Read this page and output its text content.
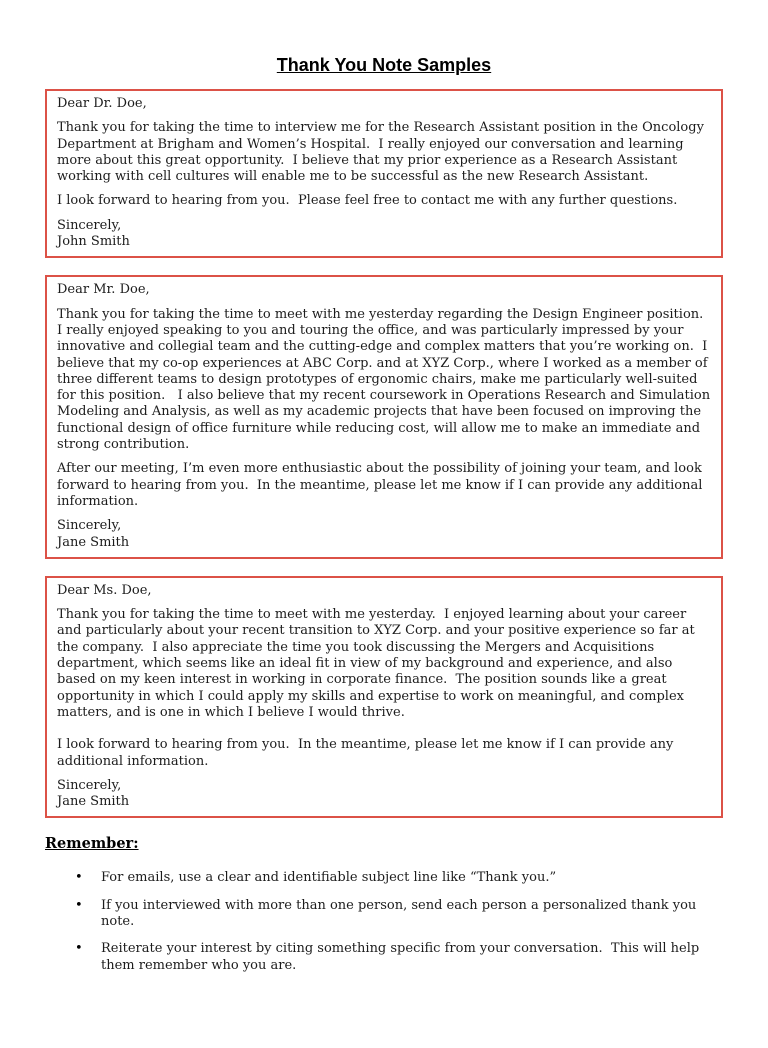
Thank You Note Samples
Dear Dr. Doe,
Thank you for taking the time to interview me for the Research Assistant position in the Oncology Department at Brigham and Women’s Hospital.  I really enjoyed our conversation and learning more about this great opportunity.  I believe that my prior experience as a Research Assistant working with cell cultures will enable me to be successful as the new Research Assistant.
I look forward to hearing from you.  Please feel free to contact me with any further questions.
Sincerely,
John Smith
Dear Mr. Doe,
Thank you for taking the time to meet with me yesterday regarding the Design Engineer position.  I really enjoyed speaking to you and touring the office, and was particularly impressed by your innovative and collegial team and the cutting-edge and complex matters that you’re working on.  I believe that my co-op experiences at ABC Corp. and at XYZ Corp., where I worked as a member of three different teams to design prototypes of ergonomic chairs, make me particularly well-suited for this position.   I also believe that my recent coursework in Operations Research and Simulation Modeling and Analysis, as well as my academic projects that have been focused on improving the functional design of office furniture while reducing cost, will allow me to make an immediate and strong contribution.
After our meeting, I’m even more enthusiastic about the possibility of joining your team, and look forward to hearing from you.  In the meantime, please let me know if I can provide any additional information.
Sincerely,
Jane Smith
Dear Ms. Doe,
Thank you for taking the time to meet with me yesterday.  I enjoyed learning about your career and particularly about your recent transition to XYZ Corp. and your positive experience so far at the company.  I also appreciate the time you took discussing the Mergers and Acquisitions department, which seems like an ideal fit in view of my background and experience, and also based on my keen interest in working in corporate finance.  The position sounds like a great opportunity in which I could apply my skills and expertise to work on meaningful, and complex matters, and is one in which I believe I would thrive.
I look forward to hearing from you.  In the meantime, please let me know if I can provide any additional information.
Sincerely,
Jane Smith
Remember:
•	For emails, use a clear and identifiable subject line like “Thank you.”
•	If you interviewed with more than one person, send each person a personalized thank you note.
•	Reiterate your interest by citing something specific from your conversation.  This will help them remember who you are.
